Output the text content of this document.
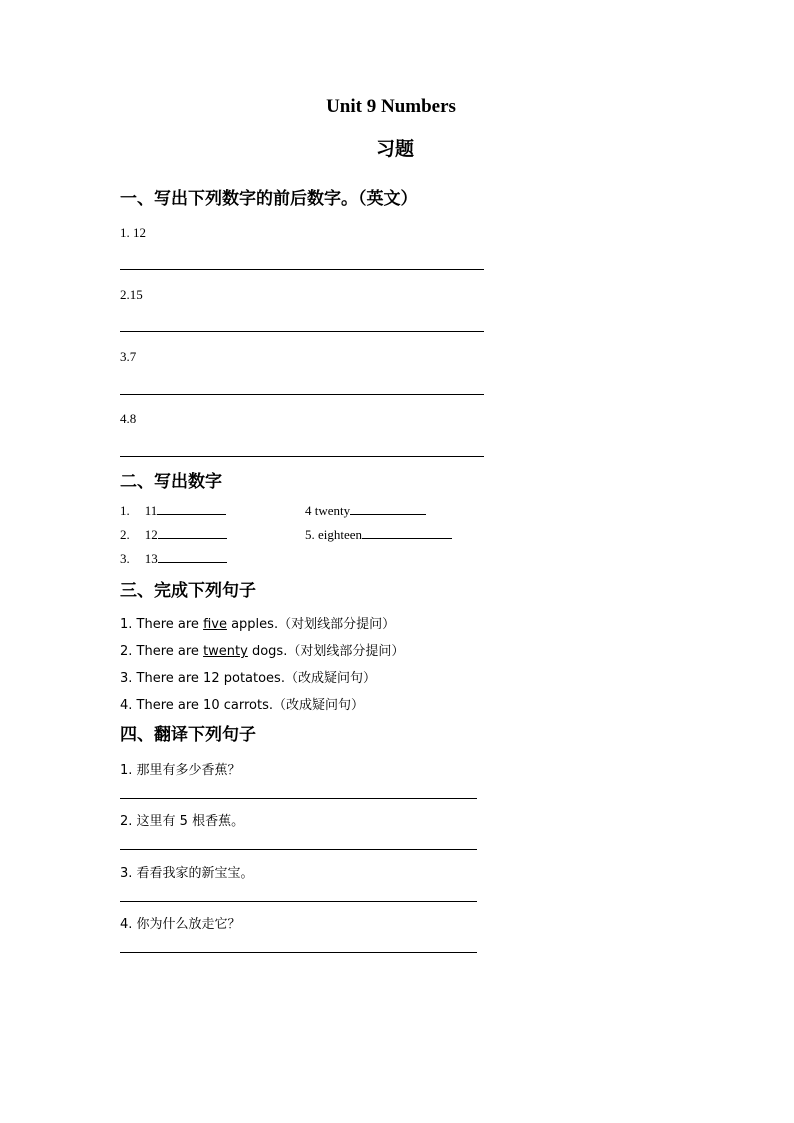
Unit 9 Numbers
习题
一、写出下列数字的前后数字。（英文）
1. 12
2.15
3.7
4.8
二、写出数字
1. 11
2. 12
3. 13
4 twenty
5. eighteen
三、完成下列句子
1. There are five apples.（对划线部分提问）
2. There are twenty dogs.（对划线部分提问）
3. There are 12 potatoes.（改成疑问句）
4. There are 10 carrots.（改成疑问句）
四、翻译下列句子
1. 那里有多少香蕉？
2. 这里有 5 根香蕉。
3. 看看我家的新宝宝。
4. 你为什么放走它？
